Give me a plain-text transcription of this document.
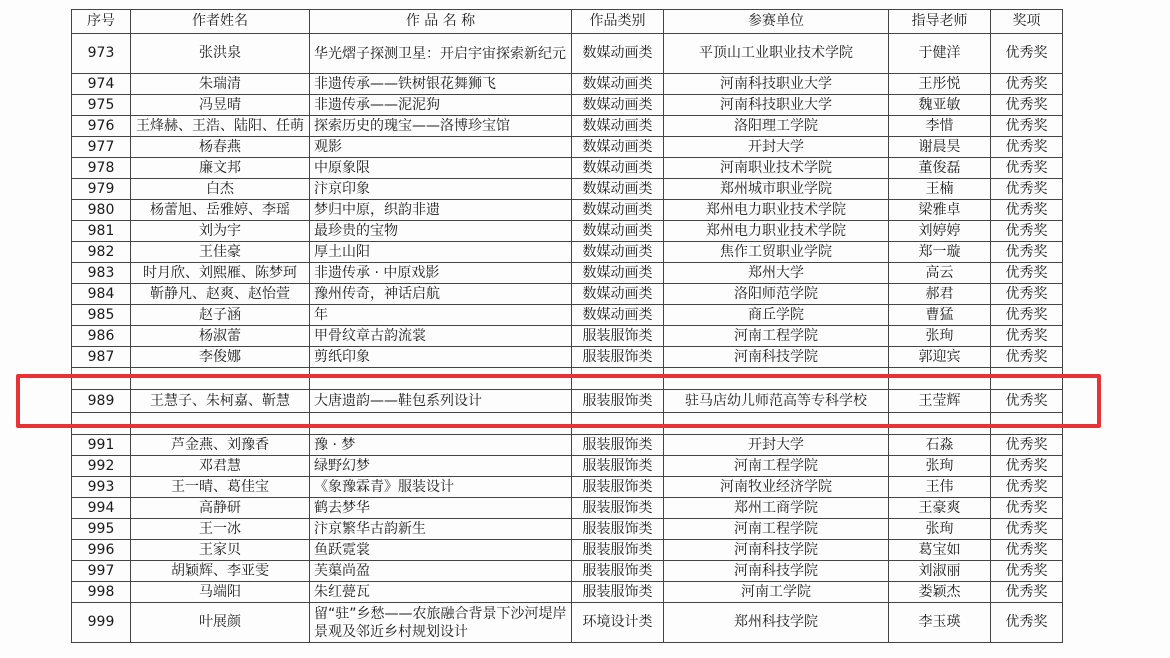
序号	作者姓名	作 品 名 称	作品类别	参赛单位	指导老师	奖项
973	张洪泉	华光熠子探测卫星：开启宇宙探索新纪元	数媒动画类	平顶山工业职业技术学院	于健洋	优秀奖
974	朱瑞清	非遗传承——铁树银花舞狮飞	数媒动画类	河南科技职业大学	王彤悦	优秀奖
975	冯昱晴	非遗传承——泥泥狗	数媒动画类	河南科技职业大学	魏亚敏	优秀奖
976	王烽赫、王浩、陆阳、任萌	探索历史的瑰宝——洛博珍宝馆	数媒动画类	洛阳理工学院	李惜	优秀奖
977	杨春燕	观影	数媒动画类	开封大学	谢晨昊	优秀奖
978	廉文邦	中原象限	数媒动画类	河南职业技术学院	董俊磊	优秀奖
979	白杰	汴京印象	数媒动画类	郑州城市职业学院	王楠	优秀奖
980	杨蕾旭、岳雅婷、李瑶	梦归中原，织韵非遗	数媒动画类	郑州电力职业技术学院	梁雅卓	优秀奖
981	刘为宇	最珍贵的宝物	数媒动画类	郑州电力职业技术学院	刘婷婷	优秀奖
982	王佳豪	厚土山阳	数媒动画类	焦作工贸职业学院	郑一璇	优秀奖
983	时月欣、刘熙雁、陈梦珂	非遗传承 · 中原戏影	数媒动画类	郑州大学	高云	优秀奖
984	靳静凡、赵爽、赵怡萱	豫州传奇，神话启航	数媒动画类	洛阳师范学院	郝君	优秀奖
985	赵子涵	年	数媒动画类	商丘学院	曹猛	优秀奖
986	杨淑蕾	甲骨纹章古韵流裳	服装服饰类	河南工程学院	张珣	优秀奖
987	李俊娜	剪纸印象	服装服饰类	河南科技学院	郭迎宾	优秀奖

989	王慧子、朱柯嘉、靳慧	大唐遗韵——鞋包系列设计	服装服饰类	驻马店幼儿师范高等专科学校	王莹辉	优秀奖

991	芦金燕、刘豫香	豫 · 梦	服装服饰类	开封大学	石淼	优秀奖
992	邓君慧	绿野幻梦	服装服饰类	河南工程学院	张珣	优秀奖
993	王一晴、葛佳宝	《象豫霖青》服装设计	服装服饰类	河南牧业经济学院	王伟	优秀奖
994	高静研	鹤去梦华	服装服饰类	郑州工商学院	王豪爽	优秀奖
995	王一冰	汴京繁华古韵新生	服装服饰类	河南工程学院	张珣	优秀奖
996	王家贝	鱼跃霓裳	服装服饰类	河南科技学院	葛宝如	优秀奖
997	胡颖辉、李亚雯	芙蕖尚盈	服装服饰类	河南科技学院	刘淑丽	优秀奖
998	马端阳	朱红甍瓦	服装服饰类	河南工学院	娄颖杰	优秀奖
999	叶展颜	留“驻”乡愁——农旅融合背景下沙河堤岸景观及邻近乡村规划设计	环境设计类	郑州科技学院	李玉瑛	优秀奖
